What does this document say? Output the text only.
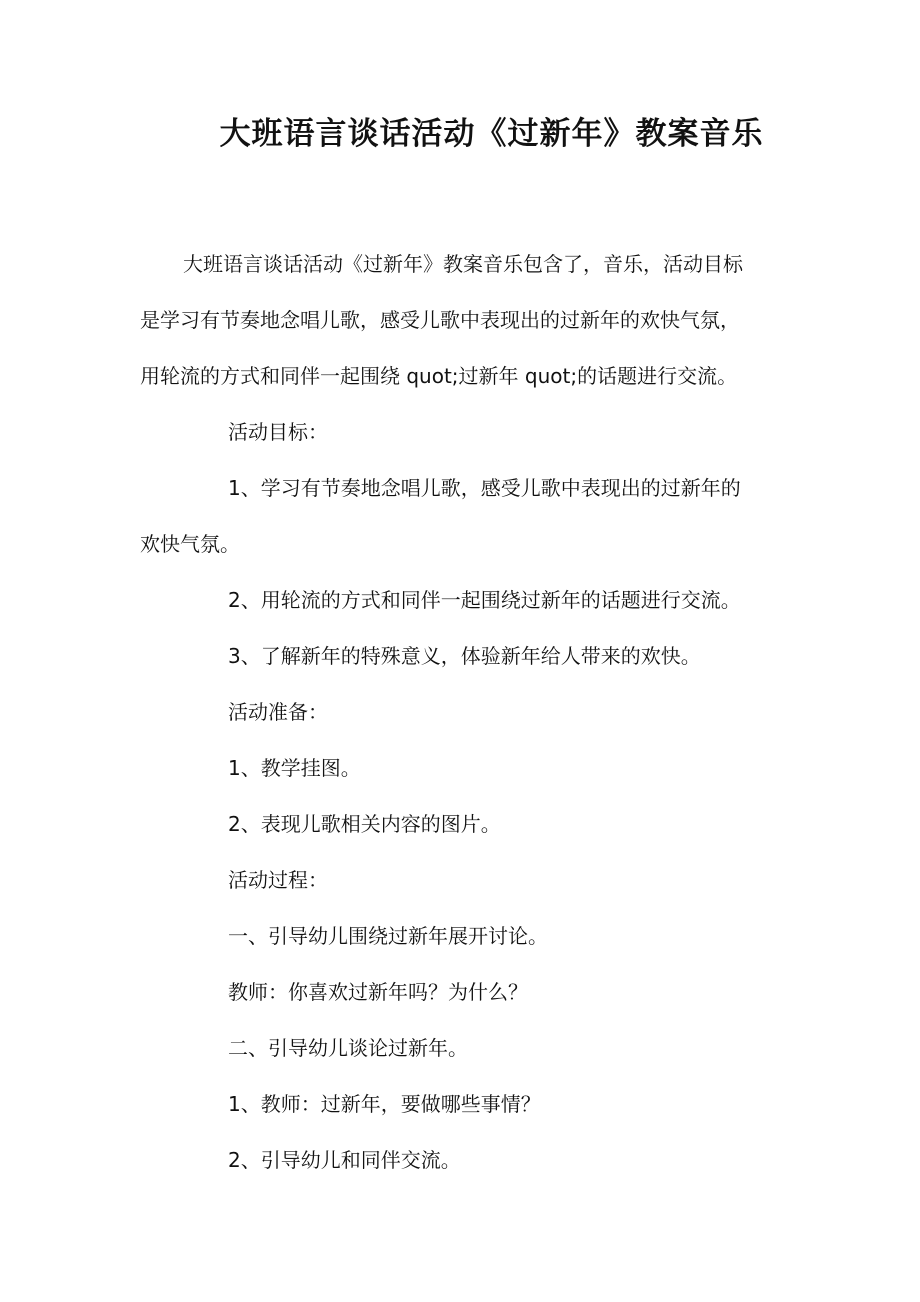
大班语言谈话活动《过新年》教案音乐
大班语言谈话活动《过新年》教案音乐包含了，音乐，活动目标
是学习有节奏地念唱儿歌，感受儿歌中表现出的过新年的欢快气氛，
用轮流的方式和同伴一起围绕 quot;过新年 quot;的话题进行交流。
活动目标：
1、学习有节奏地念唱儿歌，感受儿歌中表现出的过新年的
欢快气氛。
2、用轮流的方式和同伴一起围绕过新年的话题进行交流。
3、了解新年的特殊意义，体验新年给人带来的欢快。
活动准备：
1、教学挂图。
2、表现儿歌相关内容的图片。
活动过程：
一、引导幼儿围绕过新年展开讨论。
教师：你喜欢过新年吗？为什么？
二、引导幼儿谈论过新年。
1、教师：过新年，要做哪些事情？
2、引导幼儿和同伴交流。
